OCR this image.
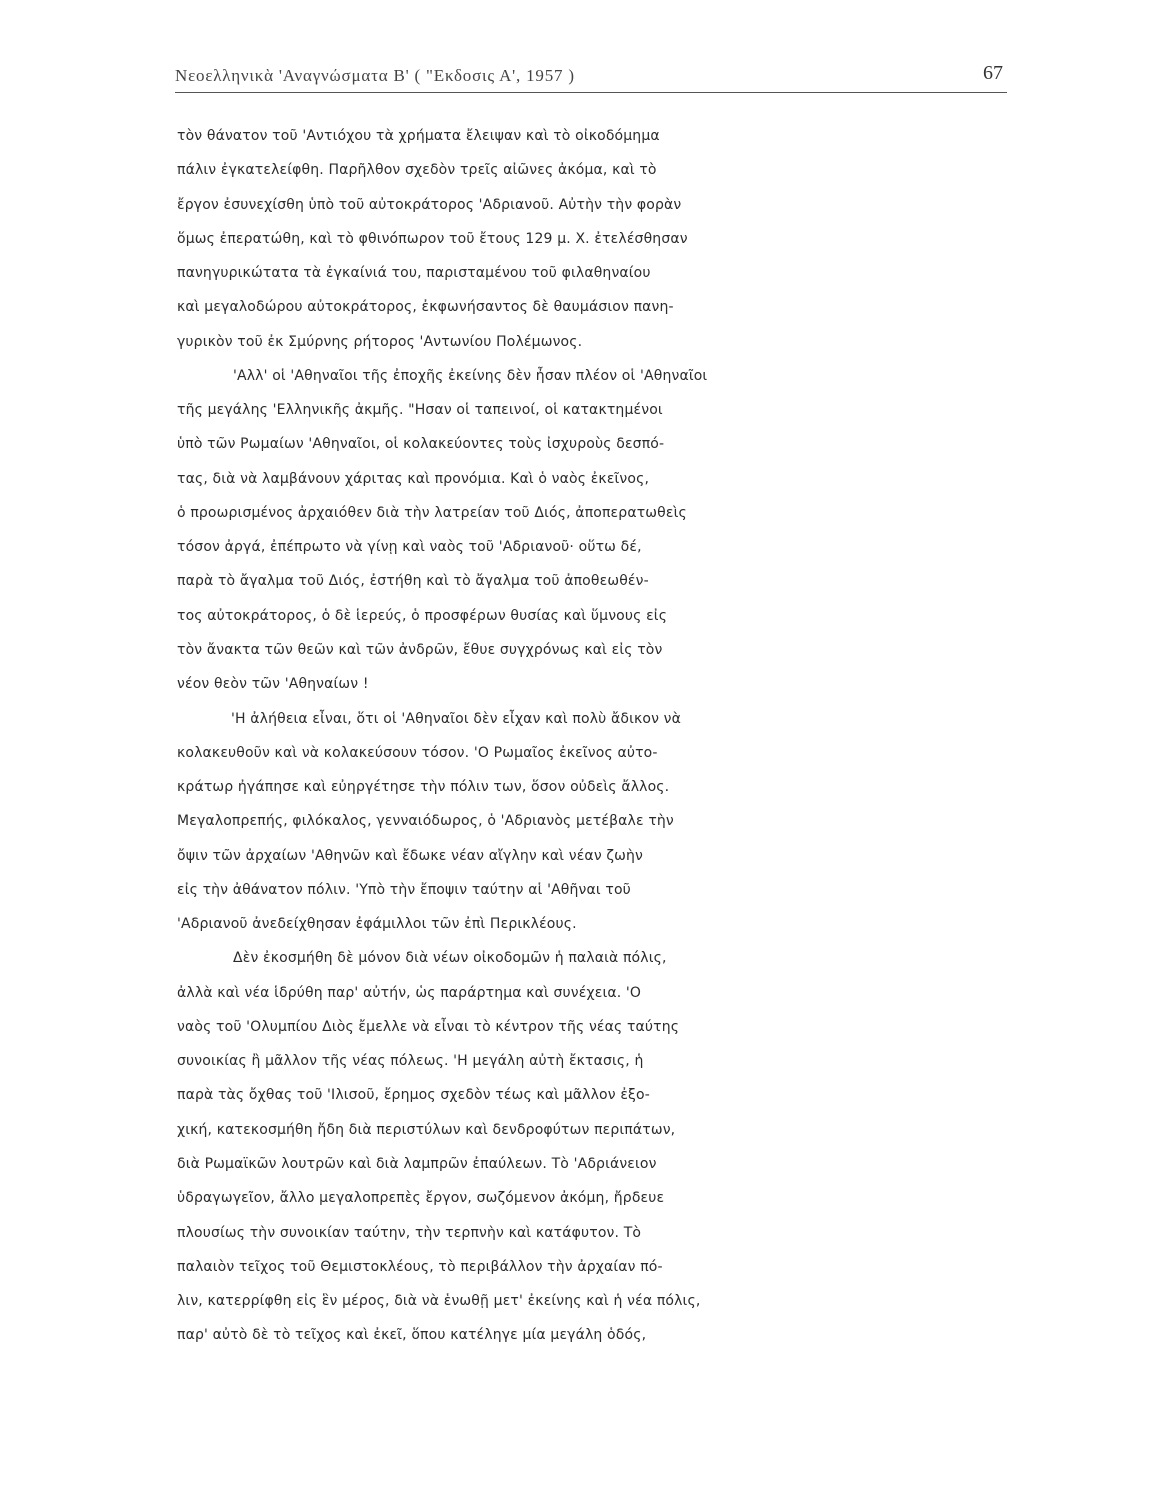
Νεοελληνικὰ 'Αναγνώσματα Β' ( "Εκδοσις Α', 1957 )	67
τὸν θάνατον τοῦ 'Αντιόχου τὰ χρήματα ἔλειψαν καὶ τὸ οἰκοδόμημα
πάλιν ἐγκατελείφθη. Παρῆλθον σχεδὸν τρεῖς αἰῶνες ἀκόμα, καὶ τὸ
ἔργον ἐσυνεχίσθη ὑπὸ τοῦ αὐτοκράτορος 'Αδριανοῦ. Αὐτὴν τὴν φορὰν
ὅμως ἐπερατώθη, καὶ τὸ φθινόπωρον τοῦ ἔτους 129 μ. Χ. ἐτελέσθησαν
πανηγυρικώτατα τὰ ἐγκαίνιά του, παρισταμένου τοῦ φιλαθηναίου
καὶ μεγαλοδώρου αὐτοκράτορος, ἐκφωνήσαντος δὲ θαυμάσιον πανη-
γυρικὸν τοῦ ἐκ Σμύρνης ρήτορος 'Αντωνίου Πολέμωνος.
'Αλλ' οἱ 'Αθηναῖοι τῆς ἐποχῆς ἐκείνης δὲν ἦσαν πλέον οἱ 'Αθηναῖοι
τῆς μεγάλης 'Ελληνικῆς ἀκμῆς. "Ησαν οἱ ταπεινοί, οἱ κατακτημένοι
ὑπὸ τῶν Ρωμαίων 'Αθηναῖοι, οἱ κολακεύοντες τοὺς ἰσχυροὺς δεσπό-
τας, διὰ νὰ λαμβάνουν χάριτας καὶ προνόμια. Καὶ ὁ ναὸς ἐκεῖνος,
ὁ προωρισμένος ἀρχαιόθεν διὰ τὴν λατρείαν τοῦ Διός, ἀποπερατωθεὶς
τόσον ἀργά, ἐπέπρωτο νὰ γίνῃ καὶ ναὸς τοῦ 'Αδριανοῦ· οὕτω δέ,
παρὰ τὸ ἄγαλμα τοῦ Διός, ἐστήθη καὶ τὸ ἄγαλμα τοῦ ἀποθεωθέν-
τος αὐτοκράτορος, ὁ δὲ ἱερεύς, ὁ προσφέρων θυσίας καὶ ὕμνους εἰς
τὸν ἄνακτα τῶν θεῶν καὶ τῶν ἀνδρῶν, ἔθυε συγχρόνως καὶ εἰς τὸν
νέον θεὸν τῶν 'Αθηναίων !
'Η ἀλήθεια εἶναι, ὅτι οἱ 'Αθηναῖοι δὲν εἶχαν καὶ πολὺ ἄδικον νὰ
κολακευθοῦν καὶ νὰ κολακεύσουν τόσον. 'Ο Ρωμαῖος ἐκεῖνος αὐτο-
κράτωρ ἠγάπησε καὶ εὐηργέτησε τὴν πόλιν των, ὅσον οὐδεὶς ἄλλος.
Μεγαλοπρεπής, φιλόκαλος, γενναιόδωρος, ὁ 'Αδριανὸς μετέβαλε τὴν
ὄψιν τῶν ἀρχαίων 'Αθηνῶν καὶ ἔδωκε νέαν αἴγλην καὶ νέαν ζωὴν
εἰς τὴν ἀθάνατον πόλιν. 'Υπὸ τὴν ἔποψιν ταύτην αἱ 'Αθῆναι τοῦ
'Αδριανοῦ ἀνεδείχθησαν ἐφάμιλλοι τῶν ἐπὶ Περικλέους.
Δὲν ἐκοσμήθη δὲ μόνον διὰ νέων οἰκοδομῶν ἡ παλαιὰ πόλις,
ἀλλὰ καὶ νέα ἱδρύθη παρ' αὐτήν, ὡς παράρτημα καὶ συνέχεια. 'Ο
ναὸς τοῦ 'Ολυμπίου Διὸς ἔμελλε νὰ εἶναι τὸ κέντρον τῆς νέας ταύτης
συνοικίας ἢ μᾶλλον τῆς νέας πόλεως. 'Η μεγάλη αὐτὴ ἔκτασις, ἡ
παρὰ τὰς ὄχθας τοῦ 'Ιλισοῦ, ἔρημος σχεδὸν τέως καὶ μᾶλλον ἐξο-
χική, κατεκοσμήθη ἤδη διὰ περιστύλων καὶ δενδροφύτων περιπάτων,
διὰ Ρωμαϊκῶν λουτρῶν καὶ διὰ λαμπρῶν ἐπαύλεων. Τὸ 'Αδριάνειον
ὑδραγωγεῖον, ἄλλο μεγαλοπρεπὲς ἔργον, σωζόμενον ἀκόμη, ἤρδευε
πλουσίως τὴν συνοικίαν ταύτην, τὴν τερπνὴν καὶ κατάφυτον. Τὸ
παλαιὸν τεῖχος τοῦ Θεμιστοκλέους, τὸ περιβάλλον τὴν ἀρχαίαν πό-
λιν, κατερρίφθη εἰς ἓν μέρος, διὰ νὰ ἑνωθῇ μετ' ἐκείνης καὶ ἡ νέα πόλις,
παρ' αὐτὸ δὲ τὸ τεῖχος καὶ ἐκεῖ, ὅπου κατέληγε μία μεγάλη ὁδός,
